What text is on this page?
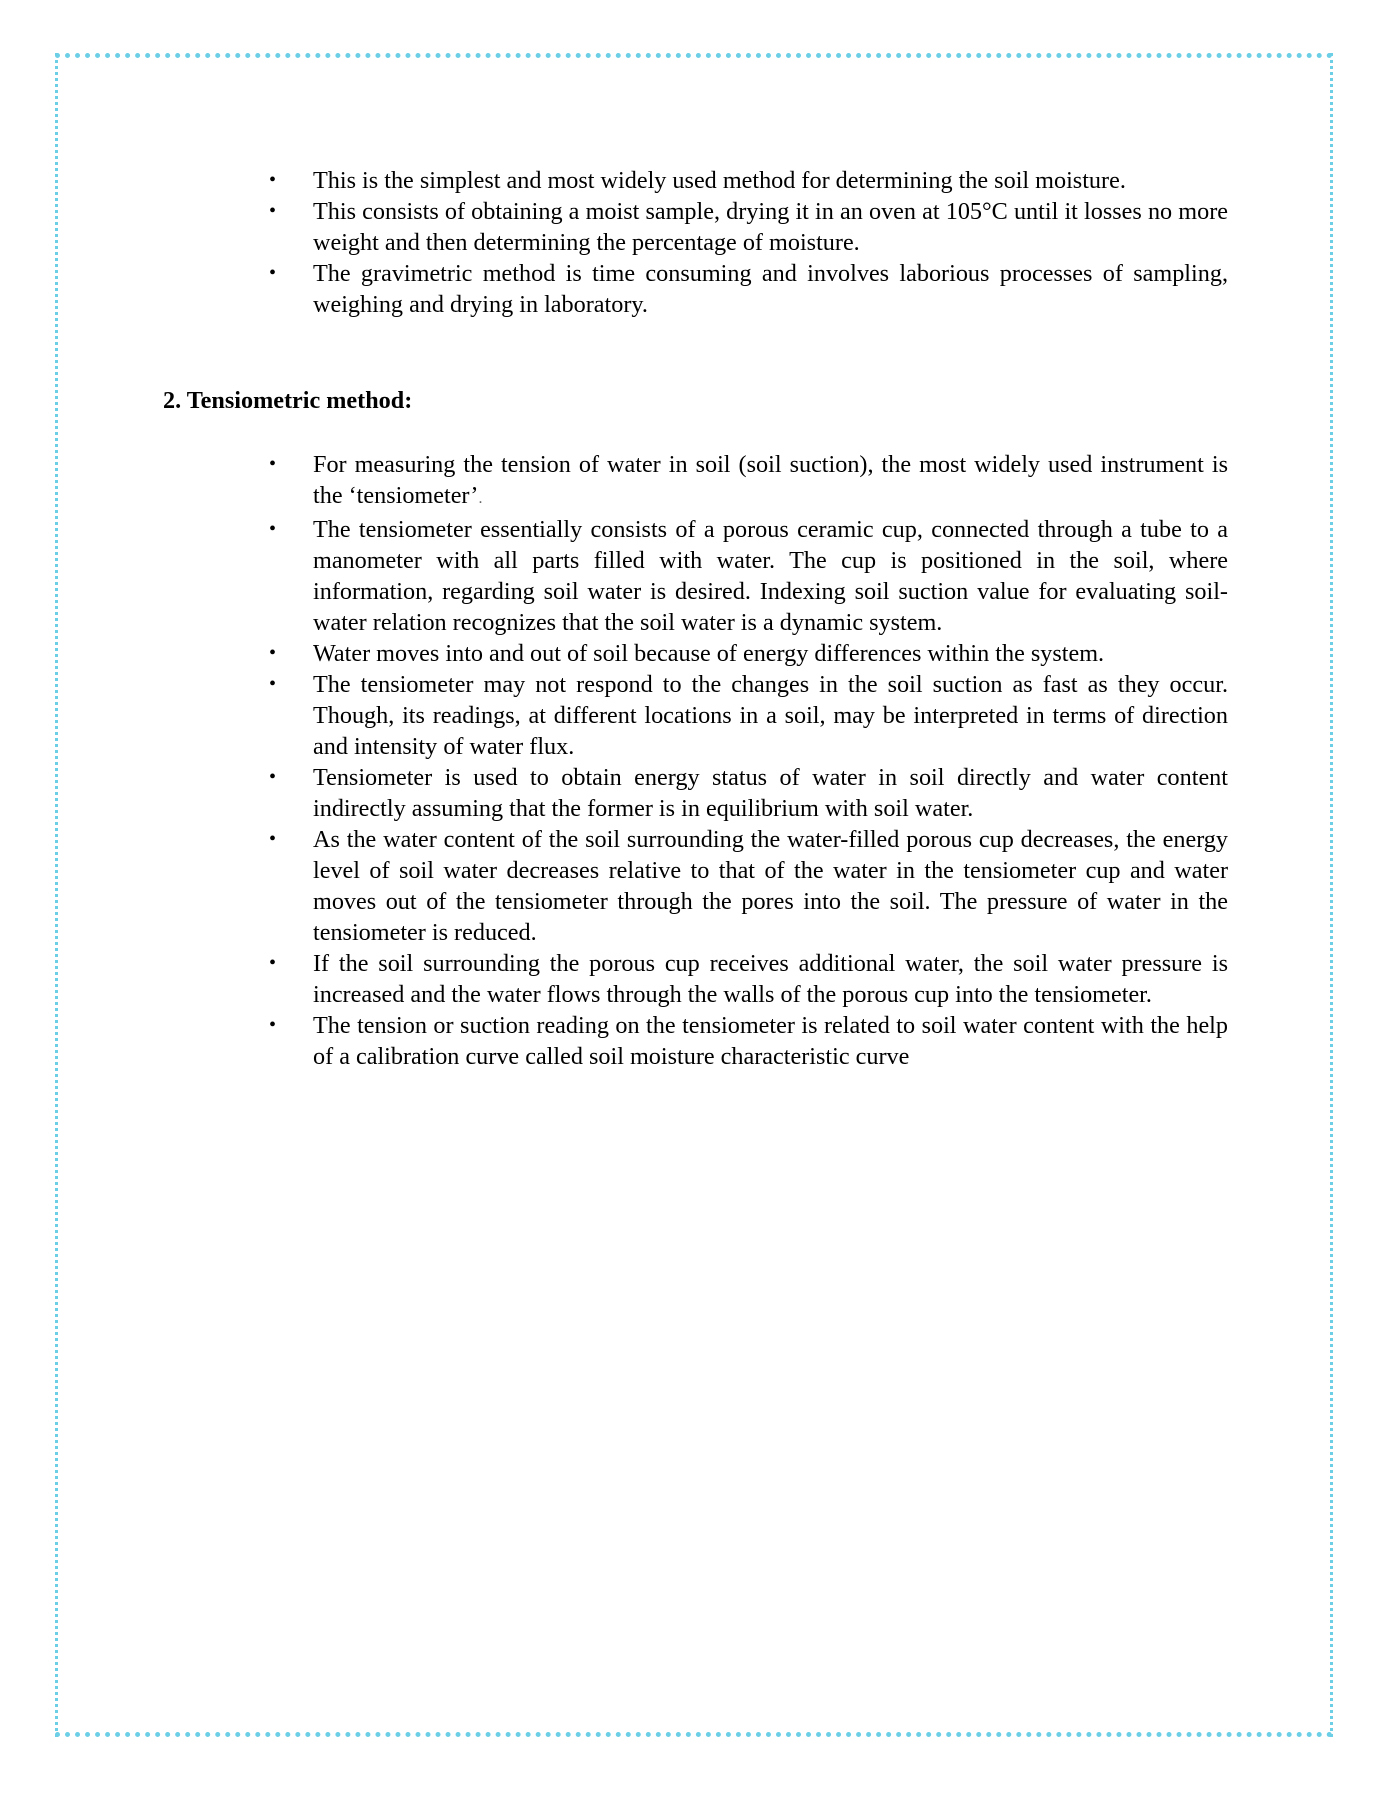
•	This is the simplest and most widely used method for determining the soil moisture.
•	This consists of obtaining a moist sample, drying it in an oven at 105°C until it losses no more weight and then determining the percentage of moisture.
•	The gravimetric method is time consuming and involves laborious processes of sampling, weighing and drying in laboratory.
2. Tensiometric method:
•	For measuring the tension of water in soil (soil suction), the most widely used instrument is the ‘tensiometer’.
•	The tensiometer essentially consists of a porous ceramic cup, connected through a tube to a manometer with all parts filled with water. The cup is positioned in the soil, where information, regarding soil water is desired. Indexing soil suction value for evaluating soil-water relation recognizes that the soil water is a dynamic system.
•	Water moves into and out of soil because of energy differences within the system.
•	The tensiometer may not respond to the changes in the soil suction as fast as they occur. Though, its readings, at different locations in a soil, may be interpreted in terms of direction and intensity of water flux.
•	Tensiometer is used to obtain energy status of water in soil directly and water content indirectly assuming that the former is in equilibrium with soil water.
•	As the water content of the soil surrounding the water-filled porous cup decreases, the energy level of soil water decreases relative to that of the water in the tensiometer cup and water moves out of the tensiometer through the pores into the soil. The pressure of water in the tensiometer is reduced.
•	If the soil surrounding the porous cup receives additional water, the soil water pressure is increased and the water flows through the walls of the porous cup into the tensiometer.
•	The tension or suction reading on the tensiometer is related to soil water content with the help of a calibration curve called soil moisture characteristic curve
